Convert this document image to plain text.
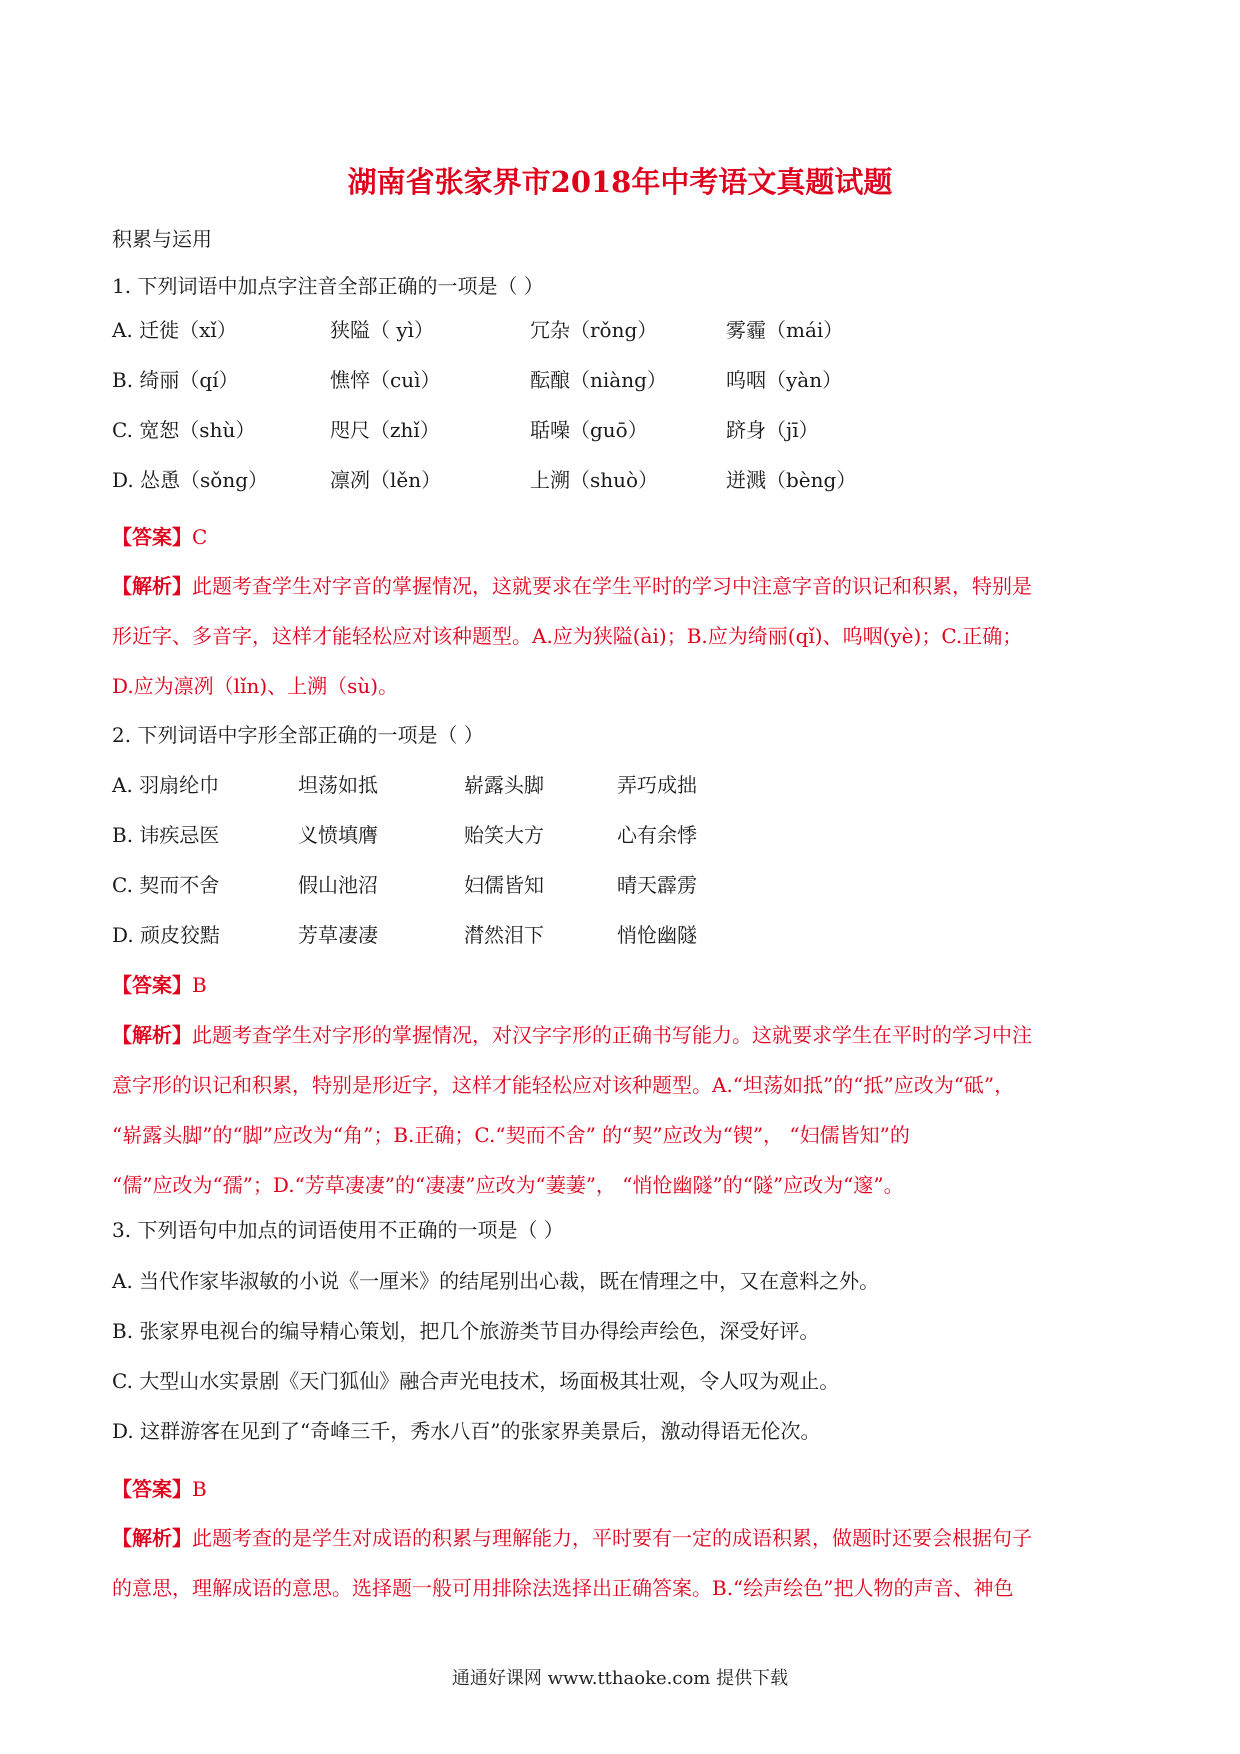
湖南省张家界市2018年中考语文真题试题
积累与运用
1. 下列词语中加点字注音全部正确的一项是（ ）
A. 迁徙（xǐ）	狭隘（ yì）	冗杂（rǒng）	雾霾（mái）
B. 绮丽（qí）	憔悴（cuì）	酝酿（niàng）	呜咽（yàn）
C. 宽恕（shù）	咫尺（zhǐ）	聒噪（guō）	跻身（jī）
D. 怂恿（sǒng）	凛冽（lěn）	上溯（shuò）	迸溅（bèng）
【答案】C
【解析】此题考查学生对字音的掌握情况，这就要求在学生平时的学习中注意字音的识记和积累，特别是
形近字、多音字，这样才能轻松应对该种题型。A.应为狭隘(ài)；B.应为绮丽(qǐ)、呜咽(yè)；C.正确；
D.应为凛冽（lǐn)、上溯（sù)。
2. 下列词语中字形全部正确的一项是（ ）
A. 羽扇纶巾	坦荡如抵	崭露头脚	弄巧成拙
B. 讳疾忌医	义愤填膺	贻笑大方	心有余悸
C. 契而不舍	假山池沼	妇儒皆知	晴天霹雳
D. 顽皮狡黠	芳草凄凄	潸然泪下	悄怆幽隧
【答案】B
【解析】此题考查学生对字形的掌握情况，对汉字字形的正确书写能力。这就要求学生在平时的学习中注
意字形的识记和积累，特别是形近字，这样才能轻松应对该种题型。A.“坦荡如抵”的“抵”应改为“砥”，
“崭露头脚”的“脚”应改为“角”；B.正确；C.“契而不舍” 的“契”应改为“锲”， “妇儒皆知”的
“儒”应改为“孺”；D.“芳草凄凄”的“凄凄”应改为“萋萋”， “悄怆幽隧”的“隧”应改为“邃”。
3. 下列语句中加点的词语使用不正确的一项是（ ）
A. 当代作家毕淑敏的小说《一厘米》的结尾别出心裁，既在情理之中，又在意料之外。
B. 张家界电视台的编导精心策划，把几个旅游类节目办得绘声绘色，深受好评。
C. 大型山水实景剧《天门狐仙》融合声光电技术，场面极其壮观，令人叹为观止。
D. 这群游客在见到了“奇峰三千，秀水八百”的张家界美景后，激动得语无伦次。
【答案】B
【解析】此题考查的是学生对成语的积累与理解能力，平时要有一定的成语积累，做题时还要会根据句子
的意思，理解成语的意思。选择题一般可用排除法选择出正确答案。B.“绘声绘色”把人物的声音、神色
通通好课网 www.tthaoke.com 提供下载
